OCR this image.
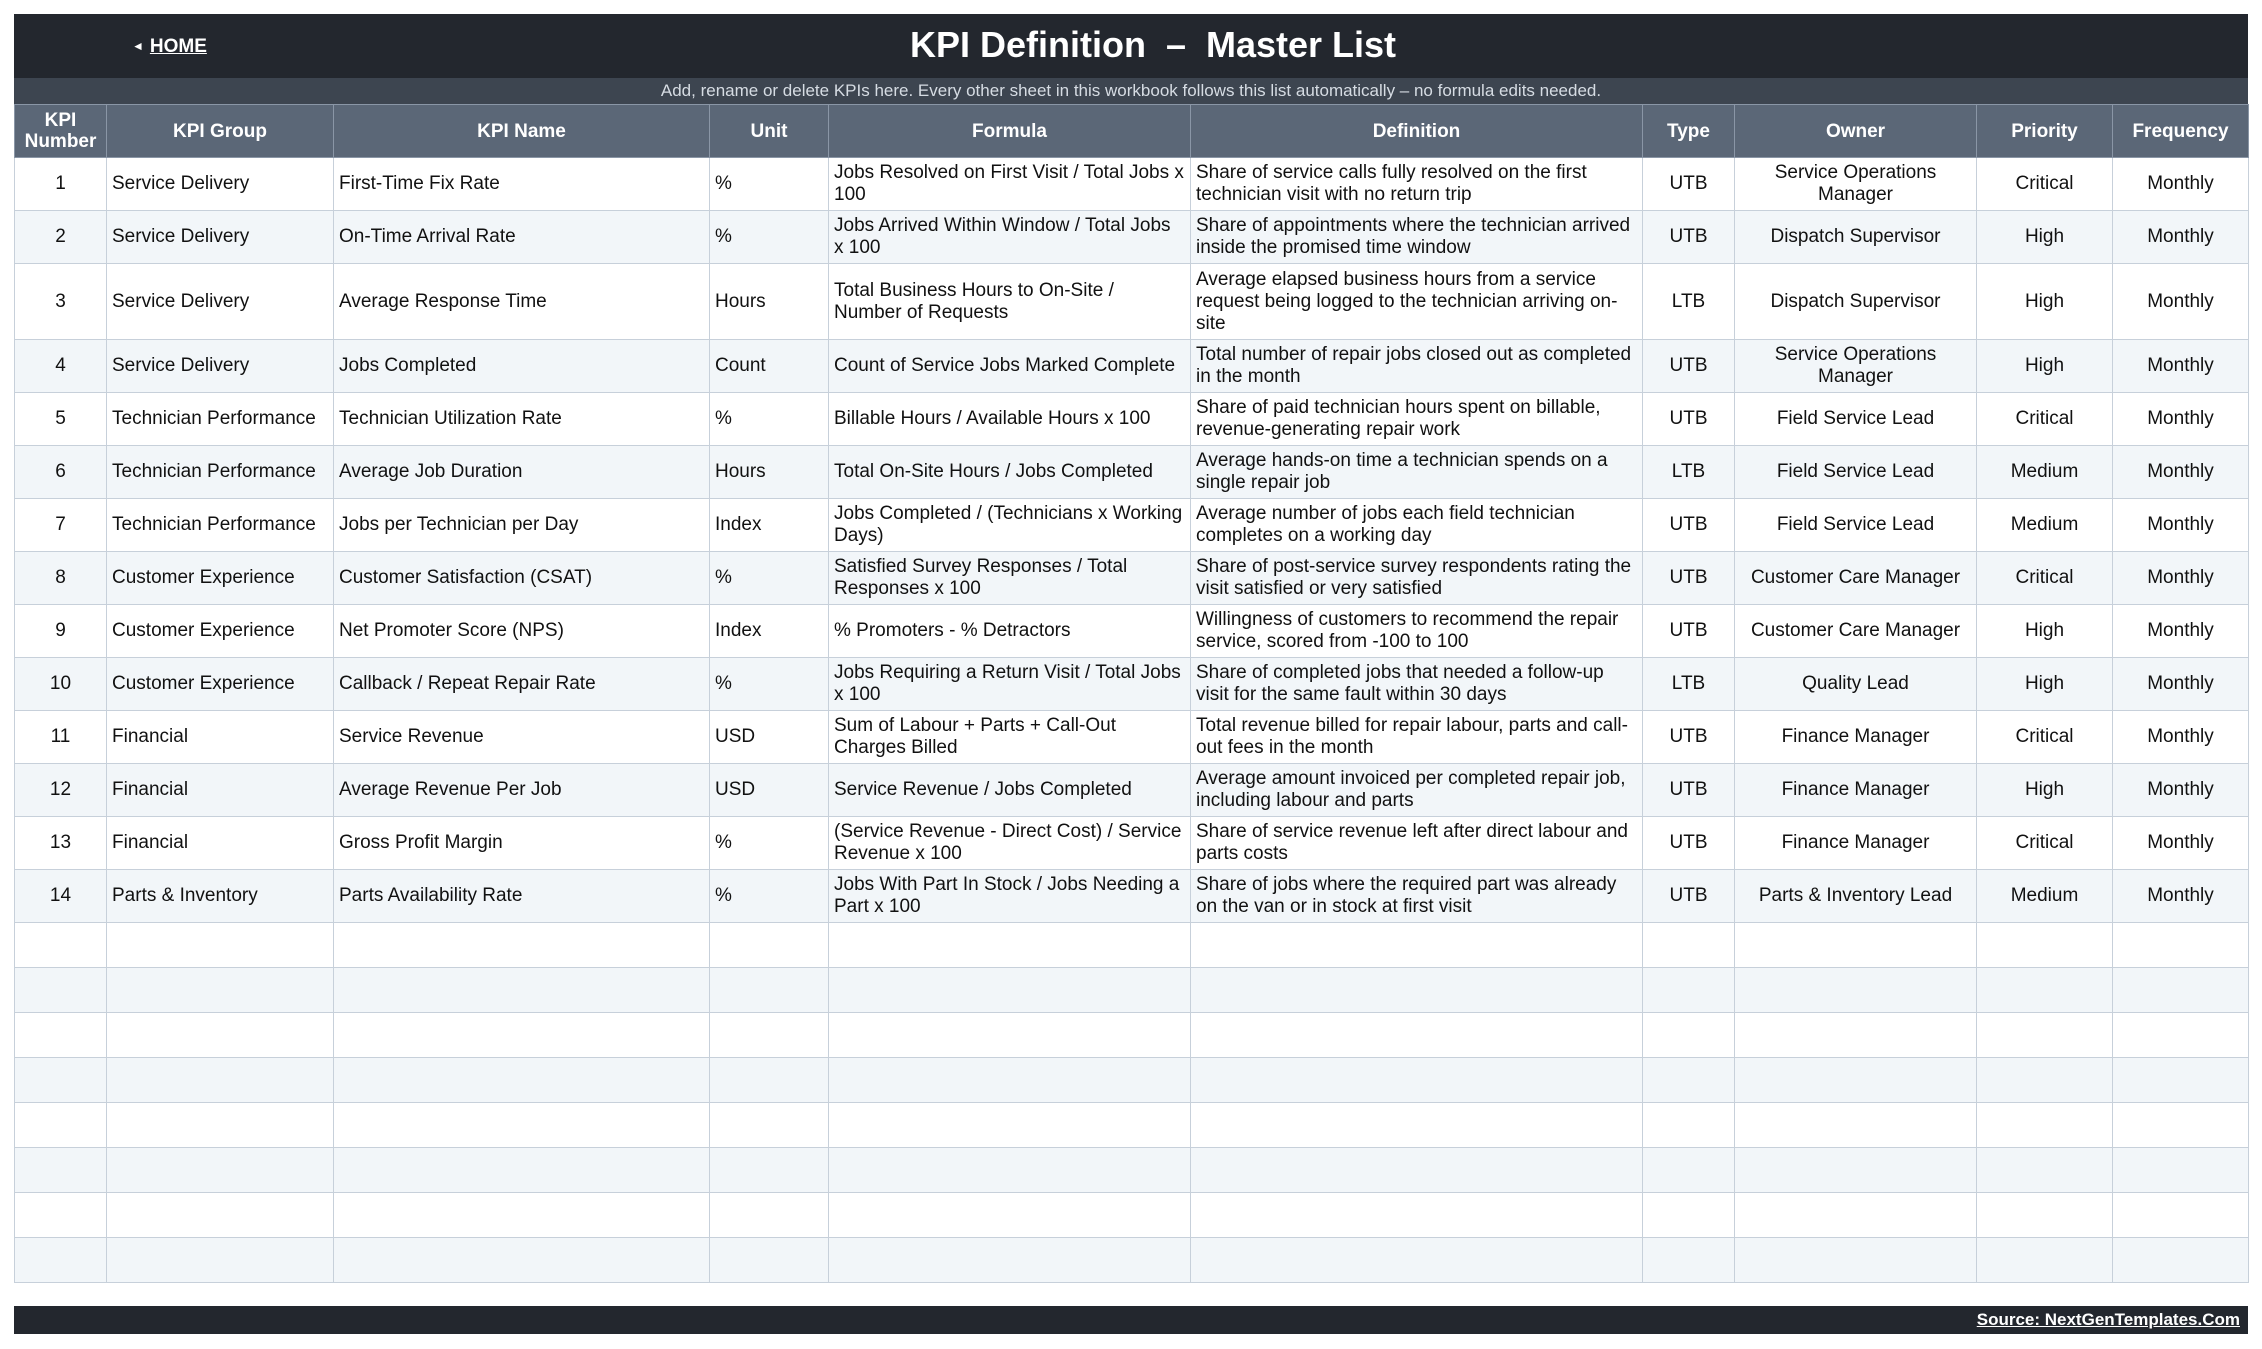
◄ HOME	KPI Definition  –  Master List
Add, rename or delete KPIs here. Every other sheet in this workbook follows this list automatically – no formula edits needed.
KPI Number	KPI Group	KPI Name	Unit	Formula	Definition	Type	Owner	Priority	Frequency
1	Service Delivery	First-Time Fix Rate	%	Jobs Resolved on First Visit / Total Jobs x 100	Share of service calls fully resolved on the first technician visit with no return trip	UTB	Service Operations Manager	Critical	Monthly
2	Service Delivery	On-Time Arrival Rate	%	Jobs Arrived Within Window / Total Jobs x 100	Share of appointments where the technician arrived inside the promised time window	UTB	Dispatch Supervisor	High	Monthly
3	Service Delivery	Average Response Time	Hours	Total Business Hours to On-Site / Number of Requests	Average elapsed business hours from a service request being logged to the technician arriving on-site	LTB	Dispatch Supervisor	High	Monthly
4	Service Delivery	Jobs Completed	Count	Count of Service Jobs Marked Complete	Total number of repair jobs closed out as completed in the month	UTB	Service Operations Manager	High	Monthly
5	Technician Performance	Technician Utilization Rate	%	Billable Hours / Available Hours x 100	Share of paid technician hours spent on billable, revenue-generating repair work	UTB	Field Service Lead	Critical	Monthly
6	Technician Performance	Average Job Duration	Hours	Total On-Site Hours / Jobs Completed	Average hands-on time a technician spends on a single repair job	LTB	Field Service Lead	Medium	Monthly
7	Technician Performance	Jobs per Technician per Day	Index	Jobs Completed / (Technicians x Working Days)	Average number of jobs each field technician completes on a working day	UTB	Field Service Lead	Medium	Monthly
8	Customer Experience	Customer Satisfaction (CSAT)	%	Satisfied Survey Responses / Total Responses x 100	Share of post-service survey respondents rating the visit satisfied or very satisfied	UTB	Customer Care Manager	Critical	Monthly
9	Customer Experience	Net Promoter Score (NPS)	Index	% Promoters - % Detractors	Willingness of customers to recommend the repair service, scored from -100 to 100	UTB	Customer Care Manager	High	Monthly
10	Customer Experience	Callback / Repeat Repair Rate	%	Jobs Requiring a Return Visit / Total Jobs x 100	Share of completed jobs that needed a follow-up visit for the same fault within 30 days	LTB	Quality Lead	High	Monthly
11	Financial	Service Revenue	USD	Sum of Labour + Parts + Call-Out Charges Billed	Total revenue billed for repair labour, parts and call-out fees in the month	UTB	Finance Manager	Critical	Monthly
12	Financial	Average Revenue Per Job	USD	Service Revenue / Jobs Completed	Average amount invoiced per completed repair job, including labour and parts	UTB	Finance Manager	High	Monthly
13	Financial	Gross Profit Margin	%	(Service Revenue - Direct Cost) / Service Revenue x 100	Share of service revenue left after direct labour and parts costs	UTB	Finance Manager	Critical	Monthly
14	Parts & Inventory	Parts Availability Rate	%	Jobs With Part In Stock / Jobs Needing a Part x 100	Share of jobs where the required part was already on the van or in stock at first visit	UTB	Parts & Inventory Lead	Medium	Monthly

Source: NextGenTemplates.Com
